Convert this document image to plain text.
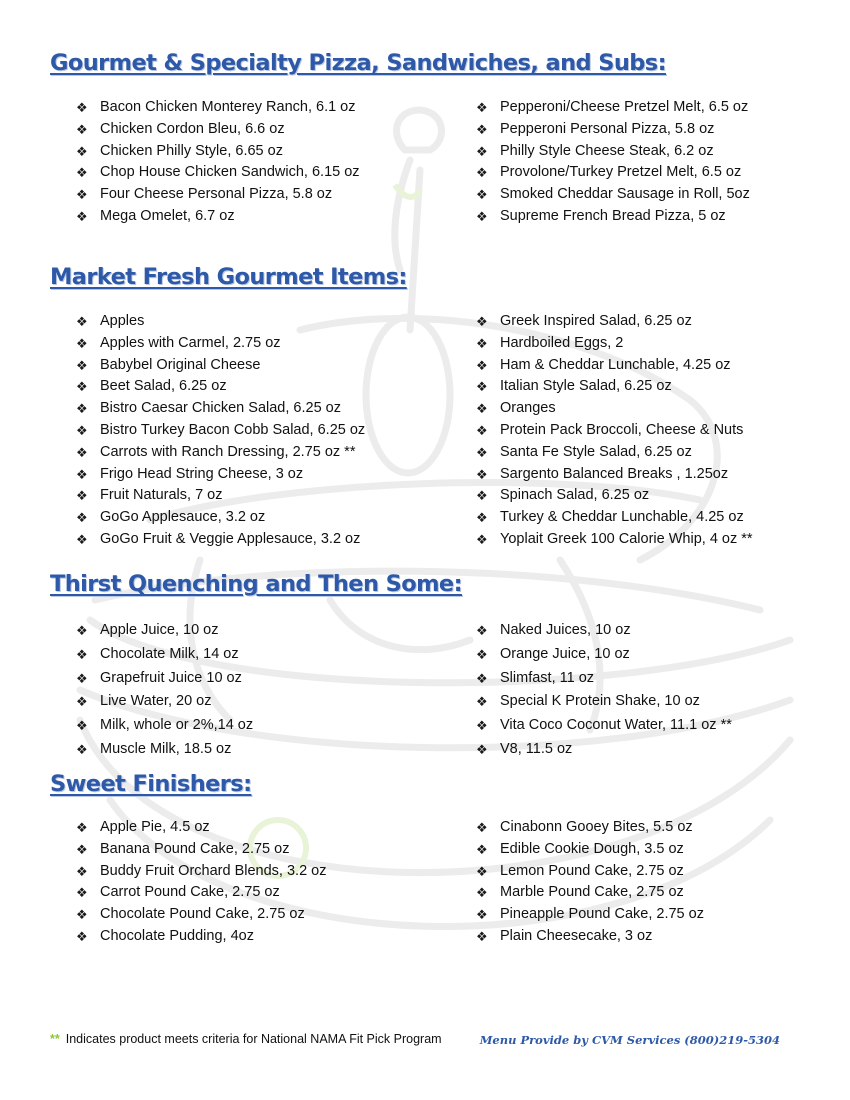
Gourmet & Specialty Pizza, Sandwiches, and Subs:
❖ Bacon Chicken Monterey Ranch, 6.1 oz
❖ Chicken Cordon Bleu, 6.6 oz
❖ Chicken Philly Style, 6.65 oz
❖ Chop House Chicken Sandwich, 6.15 oz
❖ Four Cheese Personal Pizza, 5.8 oz
❖ Mega Omelet, 6.7 oz
❖ Pepperoni/Cheese Pretzel Melt, 6.5 oz
❖ Pepperoni Personal Pizza, 5.8 oz
❖ Philly Style Cheese Steak, 6.2 oz
❖ Provolone/Turkey Pretzel Melt, 6.5 oz
❖ Smoked Cheddar Sausage in Roll, 5oz
❖ Supreme French Bread Pizza, 5 oz
Market Fresh Gourmet Items:
❖ Apples
❖ Apples with Carmel, 2.75 oz
❖ Babybel Original Cheese
❖ Beet Salad, 6.25 oz
❖ Bistro Caesar Chicken Salad, 6.25 oz
❖ Bistro Turkey Bacon Cobb Salad, 6.25 oz
❖ Carrots with Ranch Dressing, 2.75 oz **
❖ Frigo Head String Cheese, 3 oz
❖ Fruit Naturals, 7 oz
❖ GoGo Applesauce, 3.2 oz
❖ GoGo Fruit & Veggie Applesauce, 3.2 oz
❖ Greek Inspired Salad, 6.25 oz
❖ Hardboiled Eggs, 2
❖ Ham & Cheddar Lunchable, 4.25 oz
❖ Italian Style Salad, 6.25 oz
❖ Oranges
❖ Protein Pack Broccoli, Cheese & Nuts
❖ Santa Fe Style Salad, 6.25 oz
❖ Sargento Balanced Breaks , 1.25oz
❖ Spinach Salad, 6.25 oz
❖ Turkey & Cheddar Lunchable, 4.25 oz
❖ Yoplait Greek 100 Calorie Whip, 4 oz **
Thirst Quenching and Then Some:
❖ Apple Juice, 10 oz
❖ Chocolate Milk, 14 oz
❖ Grapefruit Juice 10 oz
❖ Live Water, 20 oz
❖ Milk, whole or 2%,14 oz
❖ Muscle Milk, 18.5 oz
❖ Naked Juices, 10 oz
❖ Orange Juice, 10 oz
❖ Slimfast, 11 oz
❖ Special K Protein Shake, 10 oz
❖ Vita Coco Coconut Water, 11.1 oz **
❖ V8, 11.5 oz
Sweet Finishers:
❖ Apple Pie, 4.5 oz
❖ Banana Pound Cake, 2.75 oz
❖ Buddy Fruit Orchard Blends, 3.2 oz
❖ Carrot Pound Cake, 2.75 oz
❖ Chocolate Pound Cake, 2.75 oz
❖ Chocolate Pudding, 4oz
❖ Cinabonn Gooey Bites, 5.5 oz
❖ Edible Cookie Dough, 3.5 oz
❖ Lemon Pound Cake, 2.75 oz
❖ Marble Pound Cake, 2.75 oz
❖ Pineapple Pound Cake, 2.75 oz
❖ Plain Cheesecake, 3 oz
** Indicates product meets criteria for National NAMA Fit Pick Program	Menu Provide by CVM Services (800)219-5304
